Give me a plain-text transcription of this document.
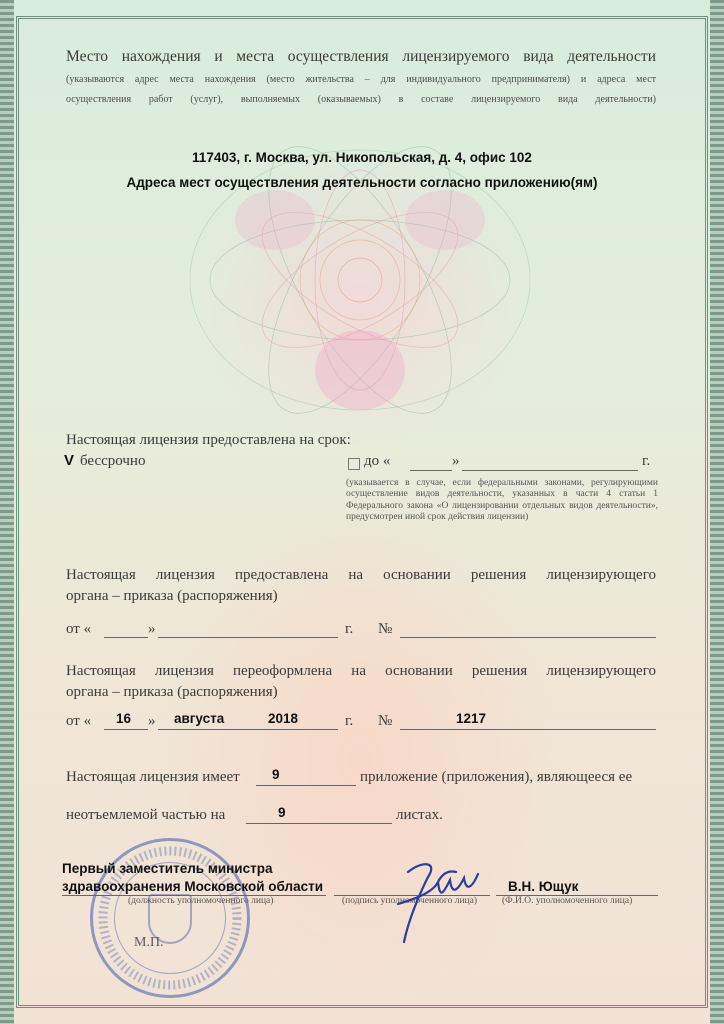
Место нахождения и места осуществления лицензируемого вида деятельности
(указываются адрес места нахождения (место жительства – для индивидуального предпринимателя) и адреса мест
осуществления работ (услуг), выполняемых (оказываемых) в составе лицензируемого вида деятельности)
117403, г. Москва, ул. Никопольская, д. 4, офис 102
Адреса мест осуществления деятельности согласно приложению(ям)
Настоящая лицензия предоставлена на срок:
V бессрочно	до «	»	г.
(указывается в случае, если федеральными законами, регулирующими осуществление видов деятельности, указанных в части 4 статьи 1 Федерального закона «О лицензировании отдельных видов деятельности», предусмотрен иной срок действия лицензии)
Настоящая лицензия предоставлена на основании решения лицензирующего
органа – приказа (распоряжения)
от «	»	г. №
Настоящая лицензия переоформлена на основании решения лицензирующего
органа – приказа (распоряжения)
от « 16 » августа	2018	г. №	1217
Настоящая лицензия имеет 9	приложение (приложения), являющееся ее
неотъемлемой частью на	9	листах.
Первый заместитель министра
здравоохранения Московской области
(должность уполномоченного лица)	(подпись уполномоченного лица)
В.Н. Ющук
(Ф.И.О. уполномоченного лица)
М.П.
